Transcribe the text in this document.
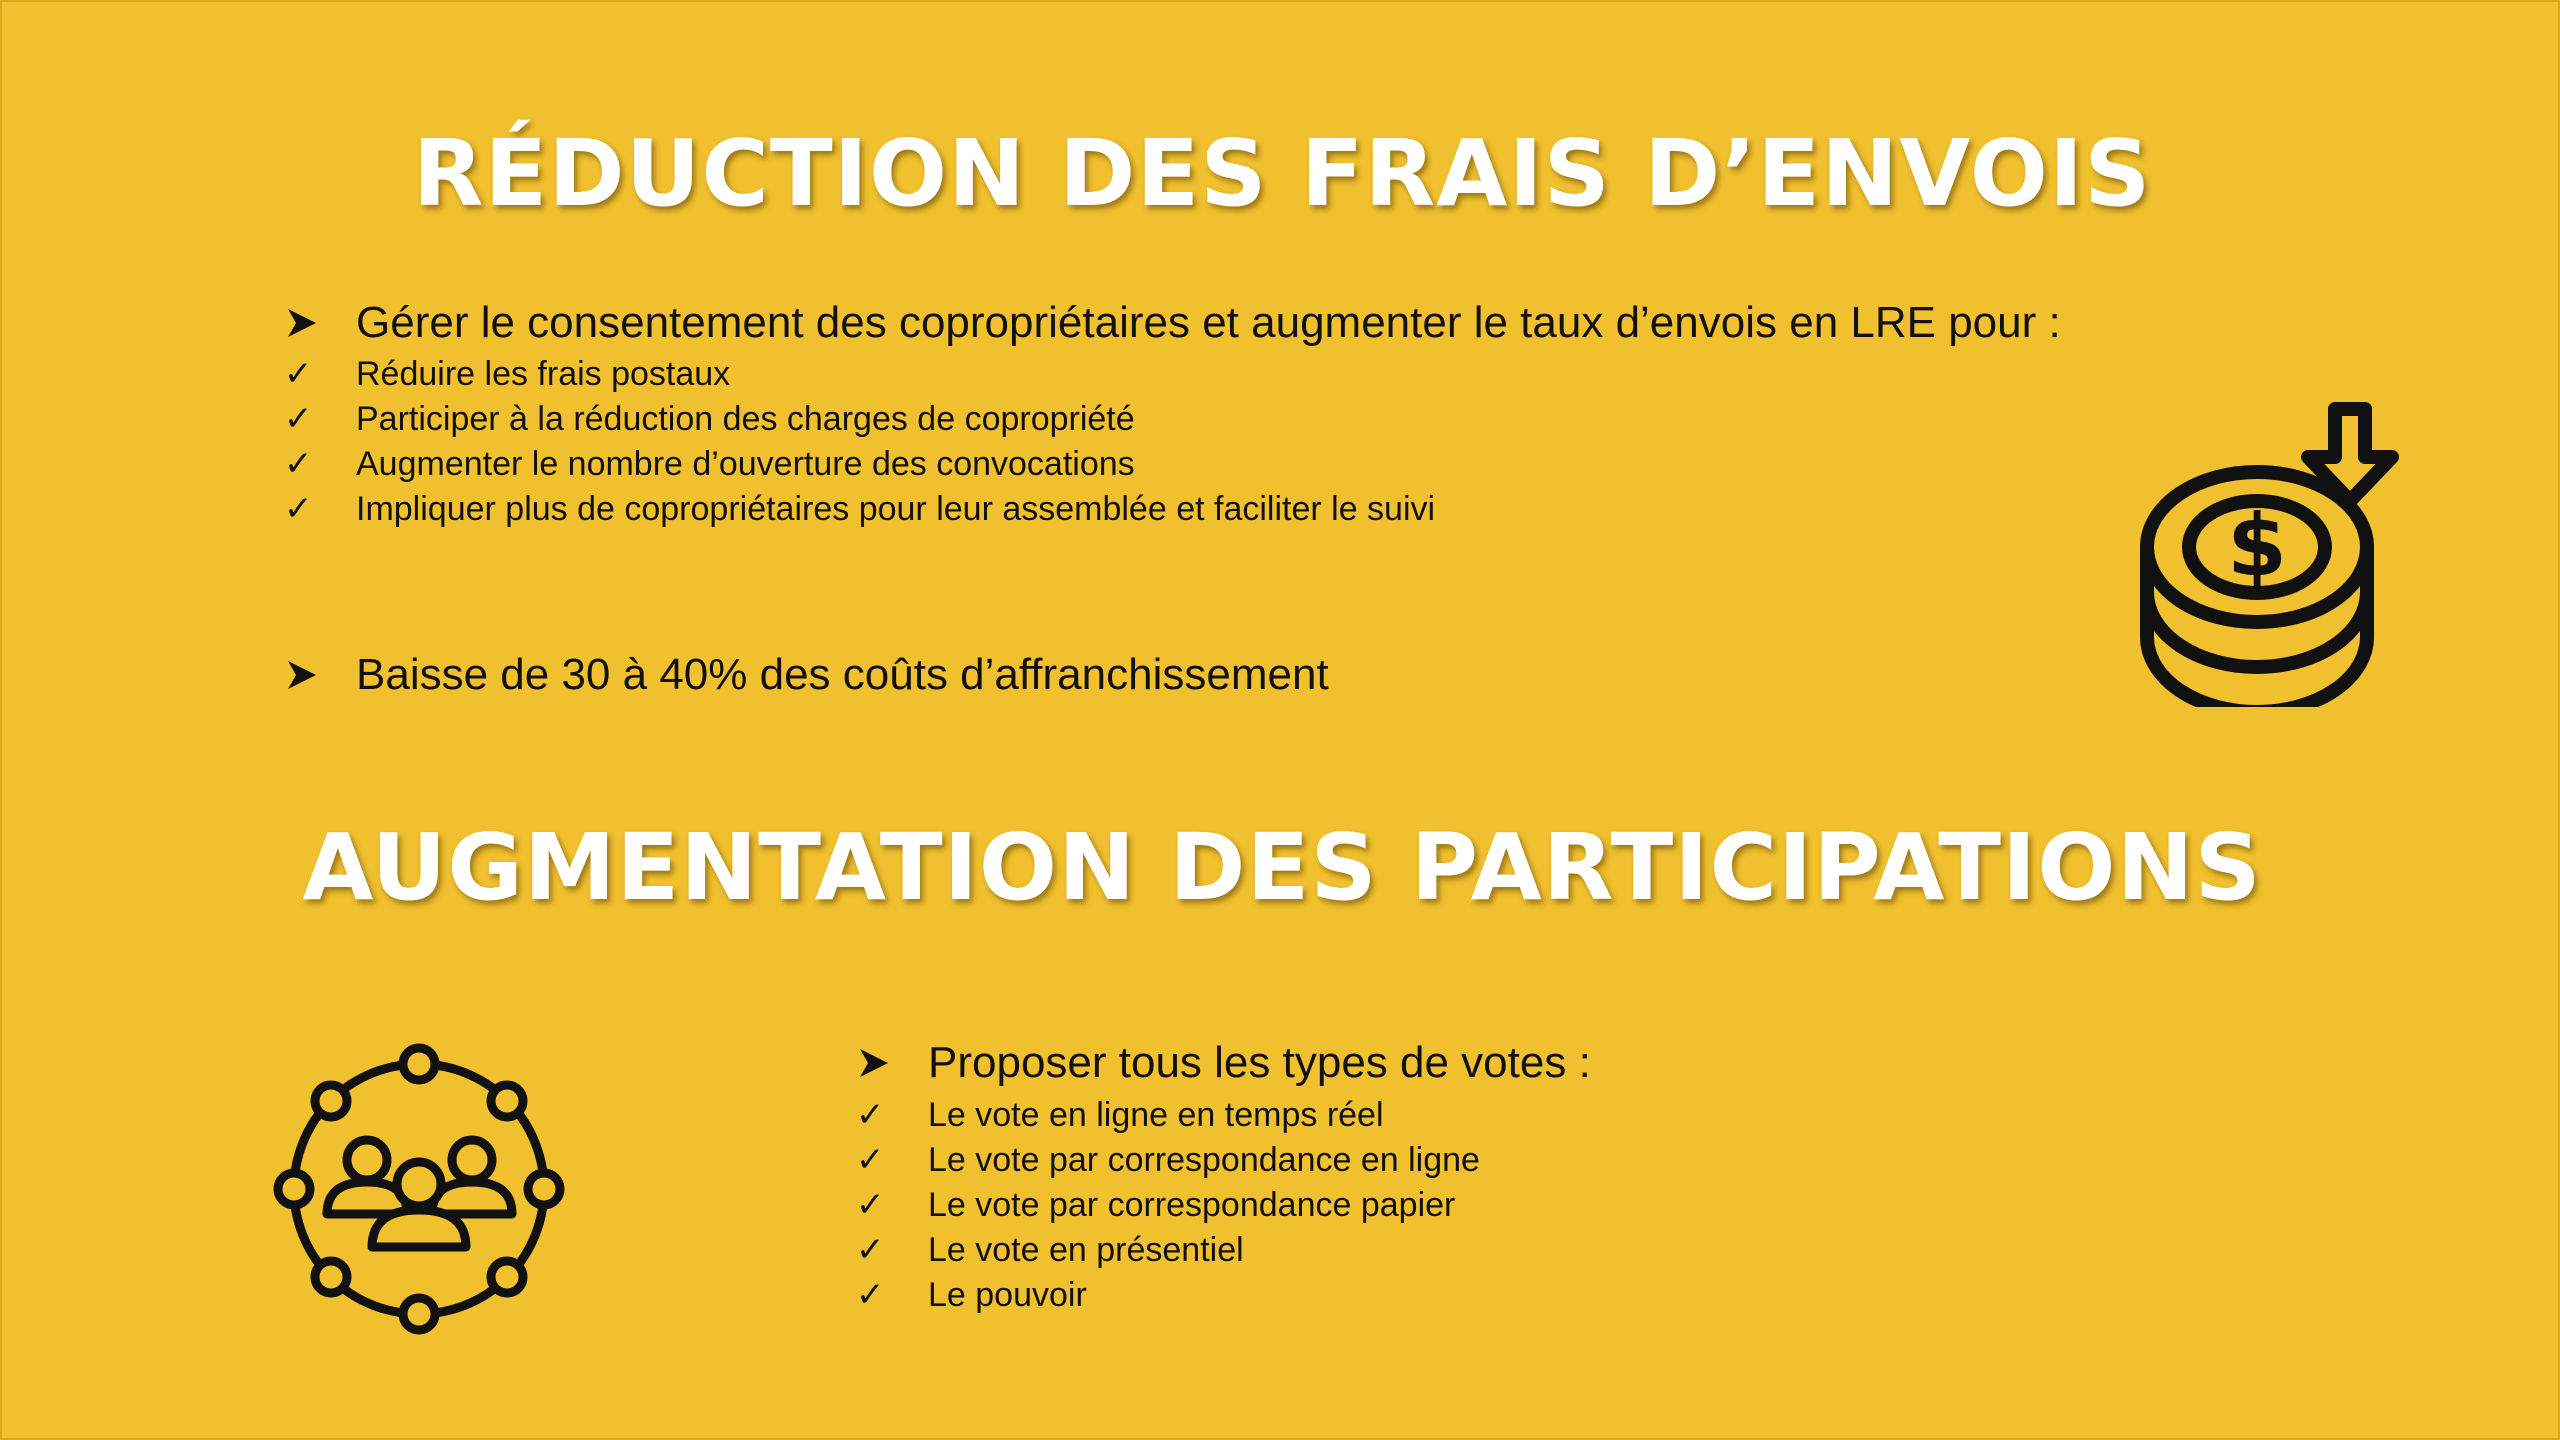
RÉDUCTION DES FRAIS D’ENVOIS
Gérer le consentement des copropriétaires et augmenter le taux d’envois en LRE pour :
✓	Réduire les frais postaux
✓	Participer à la réduction des charges de copropriété
✓	Augmenter le nombre d’ouverture des convocations
✓	Impliquer plus de copropriétaires pour leur assemblée et faciliter le suivi
Baisse de 30 à 40% des coûts d’affranchissement
$
AUGMENTATION DES PARTICIPATIONS
Proposer tous les types de votes :
✓	Le vote en ligne en temps réel
✓	Le vote par correspondance en ligne
✓	Le vote par correspondance papier
✓	Le vote en présentiel
✓	Le pouvoir
